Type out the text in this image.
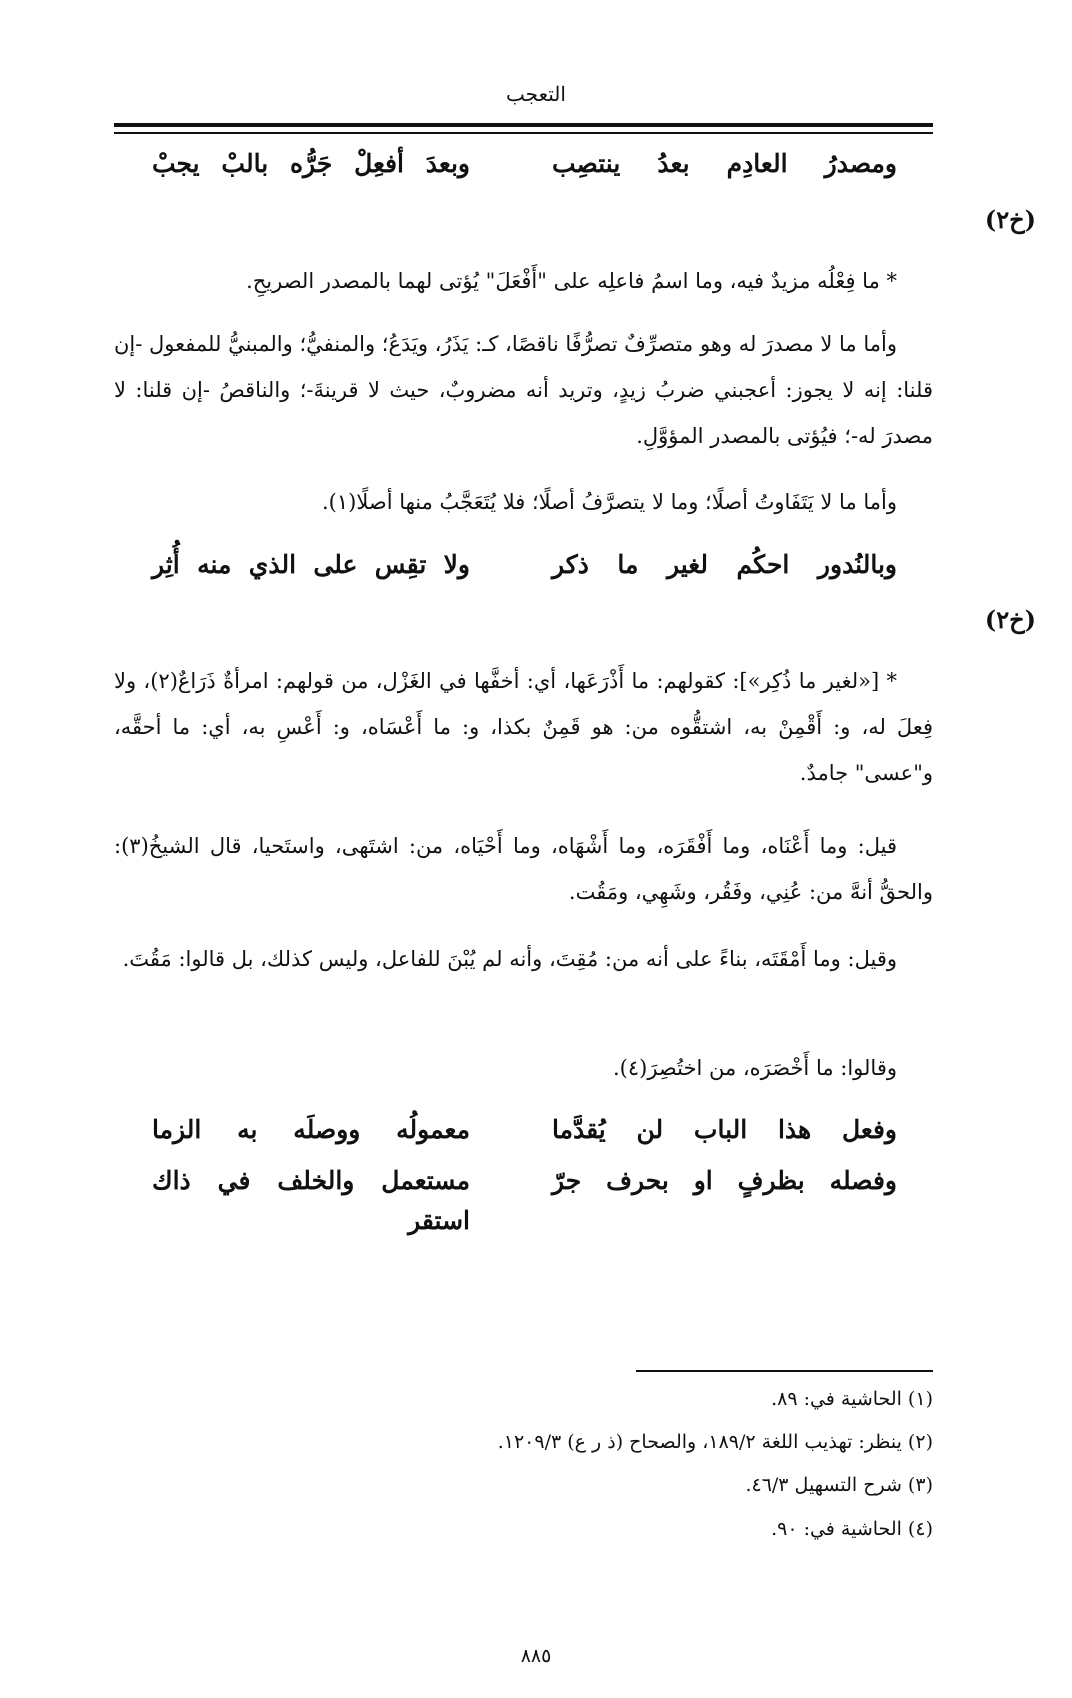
التعجب
ومصدرُ العادِم بعدُ ينتصِب
وبعدَ أفعِلْ جَرُّه بالبْ يجبْ
(خ٢)
* ما فِعْلُه مزيدٌ فيه، وما اسمُ فاعلِه على "أَفْعَلَ" يُؤتى لهما بالمصدر الصريحِ.
وأما ما لا مصدرَ له وهو متصرِّفٌ تصرُّفًا ناقصًا، كـ: يَذَرُ، ويَدَعُ؛ والمنفيُّ؛ والمبنيُّ للمفعول -إن قلنا: إنه لا يجوز: أعجبني ضربُ زيدٍ، وتريد أنه مضروبٌ، حيث لا قرينةَ-؛ والناقصُ -إن قلنا: لا مصدرَ له-؛ فيُؤتى بالمصدر المؤوَّلِ.
وأما ما لا يَتَفَاوتُ أصلًا؛ وما لا يتصرَّفُ أصلًا؛ فلا يُتَعَجَّبُ منها أصلًا(١).
وبالنُدور احكُم لغير ما ذكر
ولا تقِس على الذي منه أُثِر
(خ٢)
* [«لغير ما ذُكِر»]: كقولهم: ما أَذْرَعَها، أي: أخفَّها في الغَزْل، من قولهم: امرأةٌ ذَرَاعٌ(٢)، ولا فِعلَ له، و: أَقْمِنْ به، اشتقُّوه من: هو قَمِنٌ بكذا، و: ما أَعْسَاه، و: أَعْسِ به، أي: ما أحقَّه، و"عسى" جامدٌ.
قيل: وما أَعْنَاه، وما أَفْقَرَه، وما أَشْهَاه، وما أَحْيَاه، من: اشتَهى، واستَحيا، قال الشيخُ(٣): والحقُّ أنهَّ من: عُنِي، وفَقُر، وشَهِي، ومَقُت.
وقيل: وما أَمْقَتَه، بناءً على أنه من: مُقِتَ، وأنه لم يُبْنَ للفاعل، وليس كذلك، بل قالوا: مَقُتَ.
وقالوا: ما أَخْصَرَه، من اختُصِرَ(٤).
وفعل هذا الباب لن يُقدَّما
معمولُه ووصلَه به الزما
وفصله بظرفٍ او بحرف جرّ
مستعمل والخلف في ذاك استقر
(١) الحاشية في: ٨٩.
(٢) ينظر: تهذيب اللغة ١٨٩/٢، والصحاح (ذ ر ع) ١٢٠٩/٣.
(٣) شرح التسهيل ٤٦/٣.
(٤) الحاشية في: ٩٠.
٨٨٥
